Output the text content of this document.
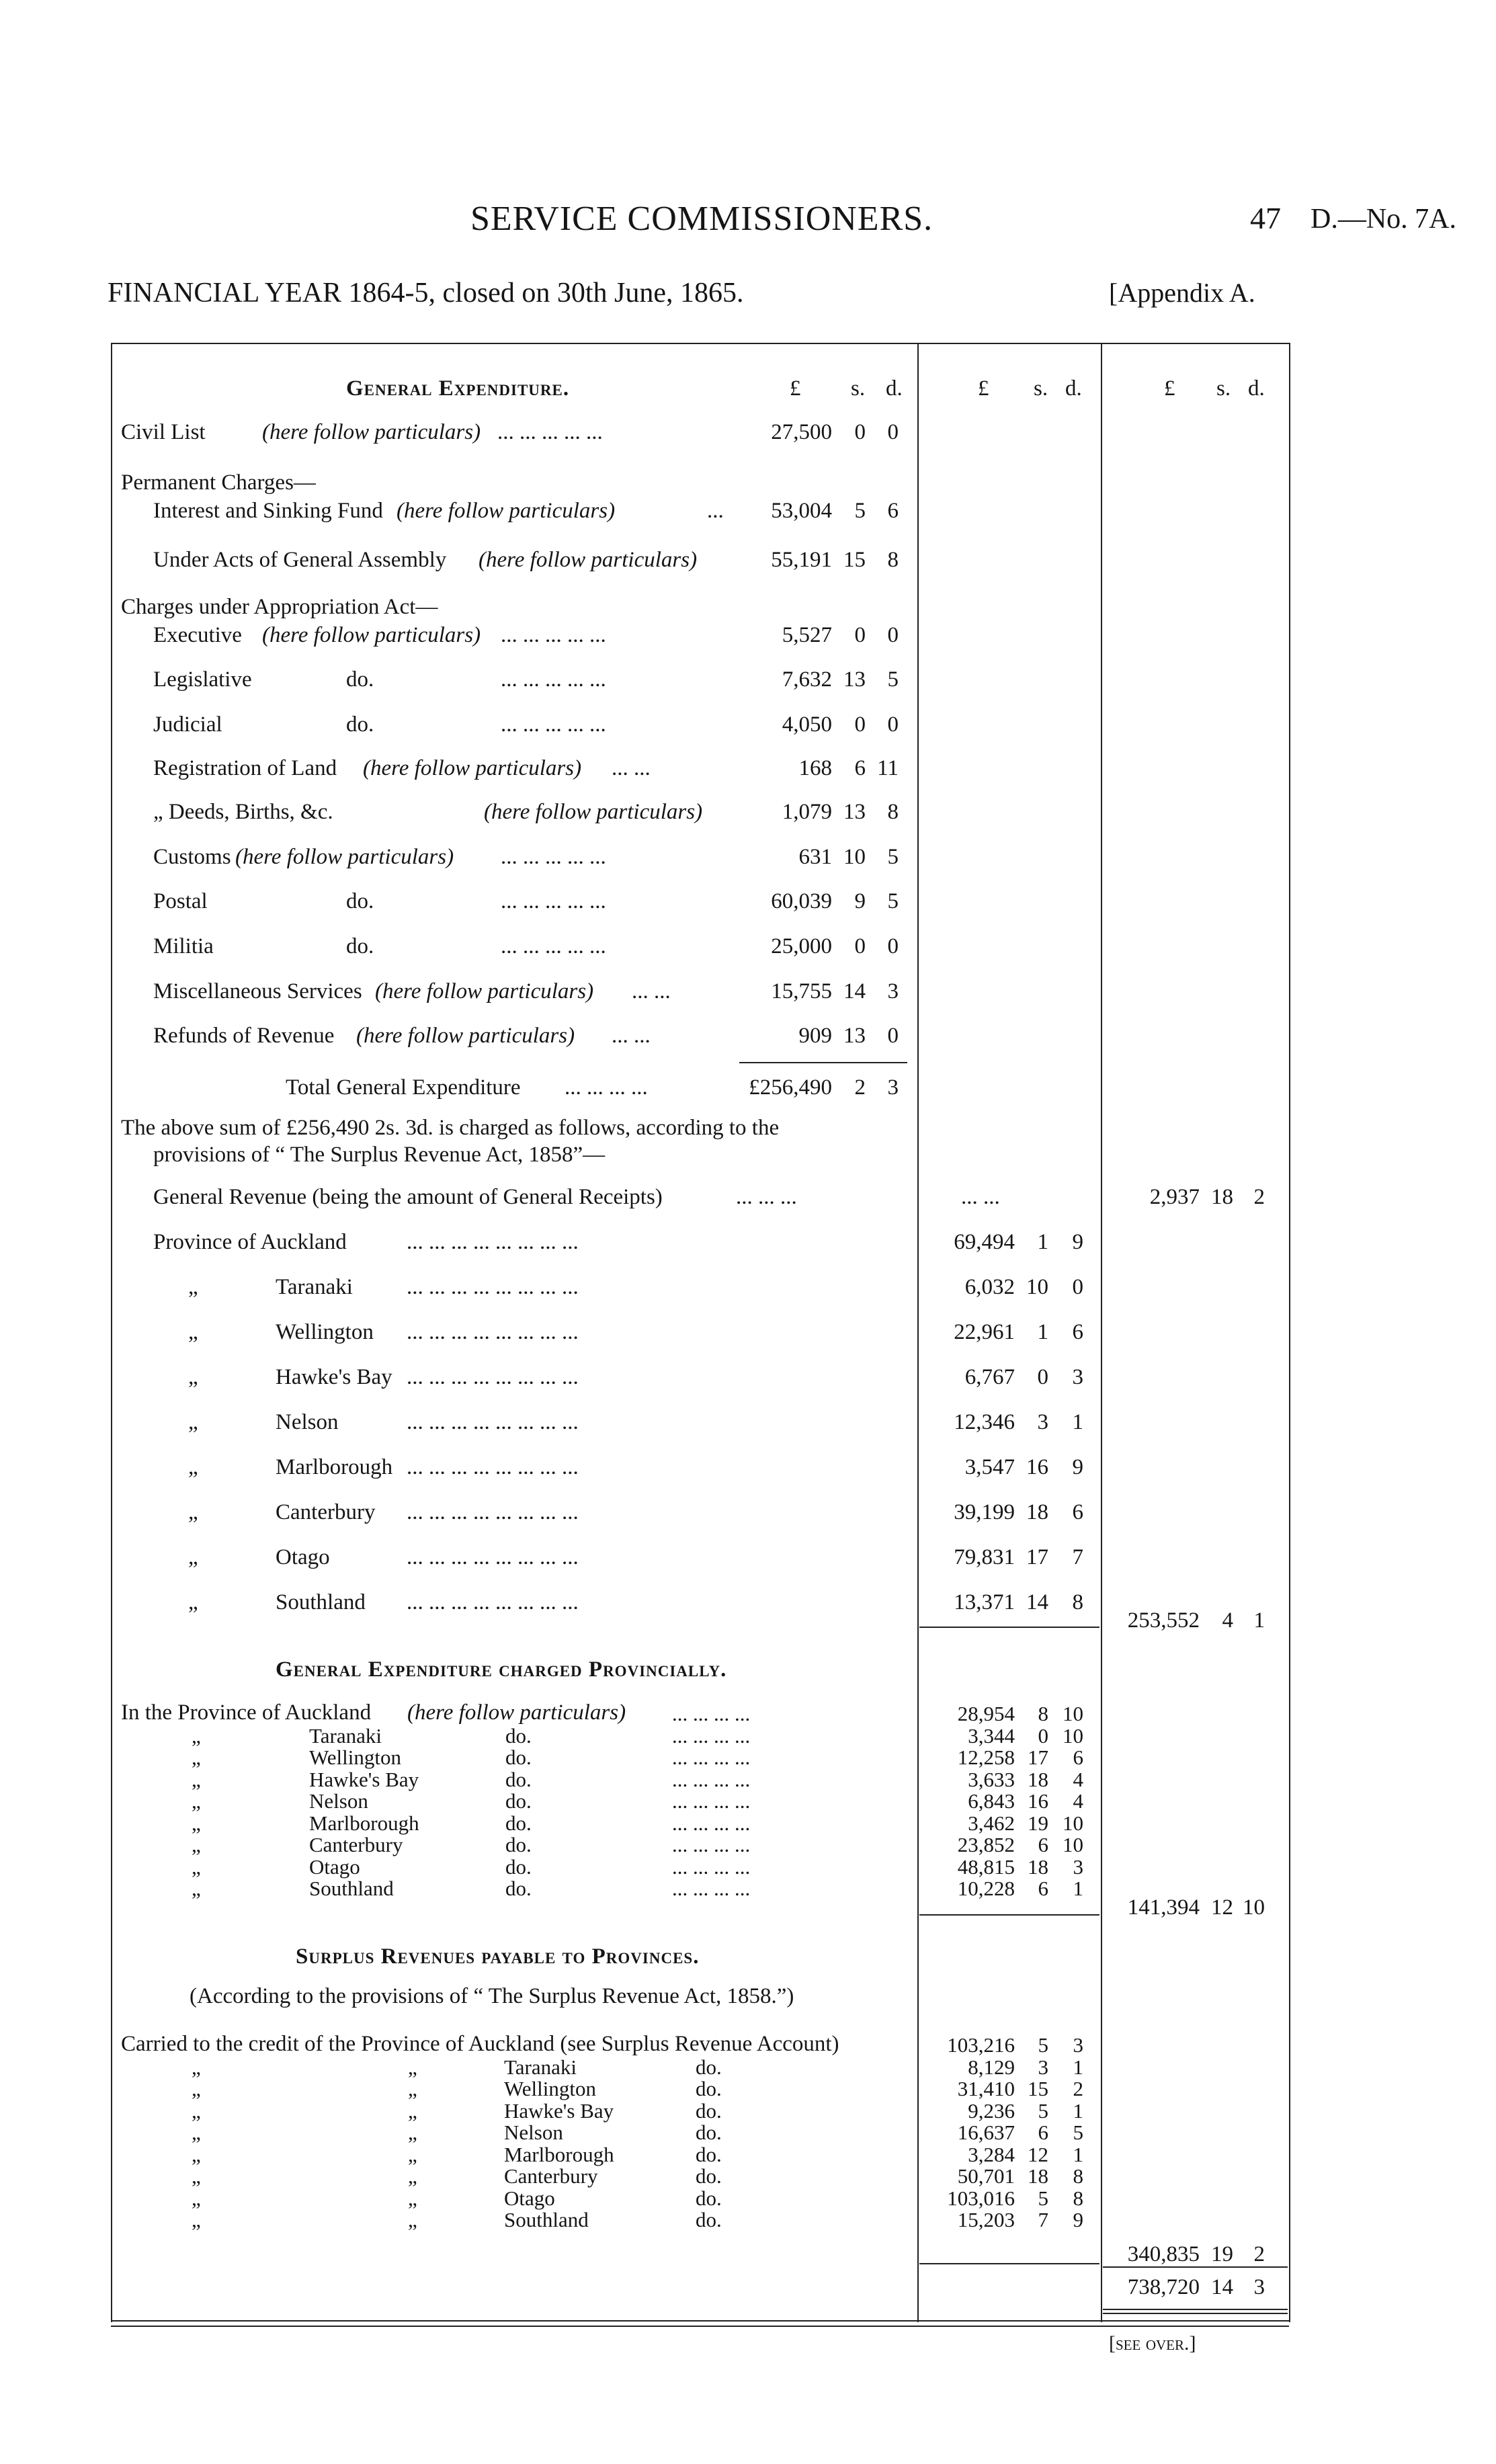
SERVICE COMMISSIONERS.	47 D.—No. 7A.
FINANCIAL YEAR 1864-5, closed on 30th June, 1865.	[Appendix A.
General Expenditure.	£ s. d.	£ s. d.	£ s. d.
Civil List	(here follow particulars) ... ... ... ... ...	27,500	0 0
Permanent Charges—
Interest and Sinking Fund (here follow particulars)	...	53,004	5 6
Under Acts of General Assembly (here follow particulars)	55,191 15 8
Charges under Appropriation Act—
Executive (here follow particulars) ... ... ... ... ...	5,527	0 0
Legislative	do.	... ... ... ... ...	7,632 13 5
Judicial	do.	... ... ... ... ...	4,050	0 0
Registration of Land (here follow particulars) ... ...	168	6 11
„ Deeds, Births, &c.	(here follow particulars)	1,079 13 8
Customs (here follow particulars) ... ... ... ... ...	631 10 5
Postal	do.	... ... ... ... ...	60,039	9 5
Militia	do.	... ... ... ... ...	25,000	0 0
Miscellaneous Services (here follow particulars) ... ...	15,755 14 3
Refunds of Revenue (here follow particulars) ... ...	909 13 0
Total General Expenditure ... ... ... ...	£256,490	2 3
The above sum of £256,490 2s. 3d. is charged as follows, according to the
provisions of “ The Surplus Revenue Act, 1858”—
General Revenue (being the amount of General Receipts)	... ... ...	... ...	2,937 18 2
Province of Auckland	... ... ... ... ... ... ... ...	69,494	1	9
„	Taranaki ... ... ... ... ... ... ... ...	6,032 10	0
„	Wellington ... ... ... ... ... ... ... ...	22,961	1	6
„	Hawke's Bay ... ... ... ... ... ... ... ...	6,767	0	3
„	Nelson	... ... ... ... ... ... ... ...	12,346	3	1
„	Marlborough ... ... ... ... ... ... ... ...	3,547 16	9
„	Canterbury ... ... ... ... ... ... ... ...	39,199 18	6
„	Otago	... ... ... ... ... ... ... ...	79,831 17	7
„	Southland ... ... ... ... ... ... ... ...	13,371 14	8
253,552	4 1
General Expenditure charged Provincially.
In the Province of Auckland (here follow particulars) ... ... ... ...	28,954	8 10
„	Taranaki	do.	... ... ... ...	3,344	0 10
„	Wellington	do.	... ... ... ...	12,258 17	6
„	Hawke's Bay	do.	... ... ... ...	3,633 18	4
„	Nelson	do.	... ... ... ...	6,843 16	4
„	Marlborough	do.	... ... ... ...	3,462 19 10
„	Canterbury	do.	... ... ... ...	23,852	6 10
„	Otago	do.	... ... ... ...	48,815 18	3
„	Southland	do.	... ... ... ...	10,228	6	1
141,394 12 10
Surplus Revenues payable to Provinces.
(According to the provisions of “ The Surplus Revenue Act, 1858.”)
Carried to the credit of the Province of Auckland (see Surplus Revenue Account)	103,216	5	3
„	„	Taranaki	do.	8,129	3	1
„	„	Wellington	do.	31,410 15	2
„	„	Hawke's Bay	do.	9,236	5	1
„	„	Nelson	do.	16,637	6	5
„	„	Marlborough	do.	3,284 12	1
„	„	Canterbury	do.	50,701 18	8
„	„	Otago	do.	103,016	5	8
„	„	Southland	do.	15,203	7	9
340,835 19 2
738,720 14 3
[see over.]
